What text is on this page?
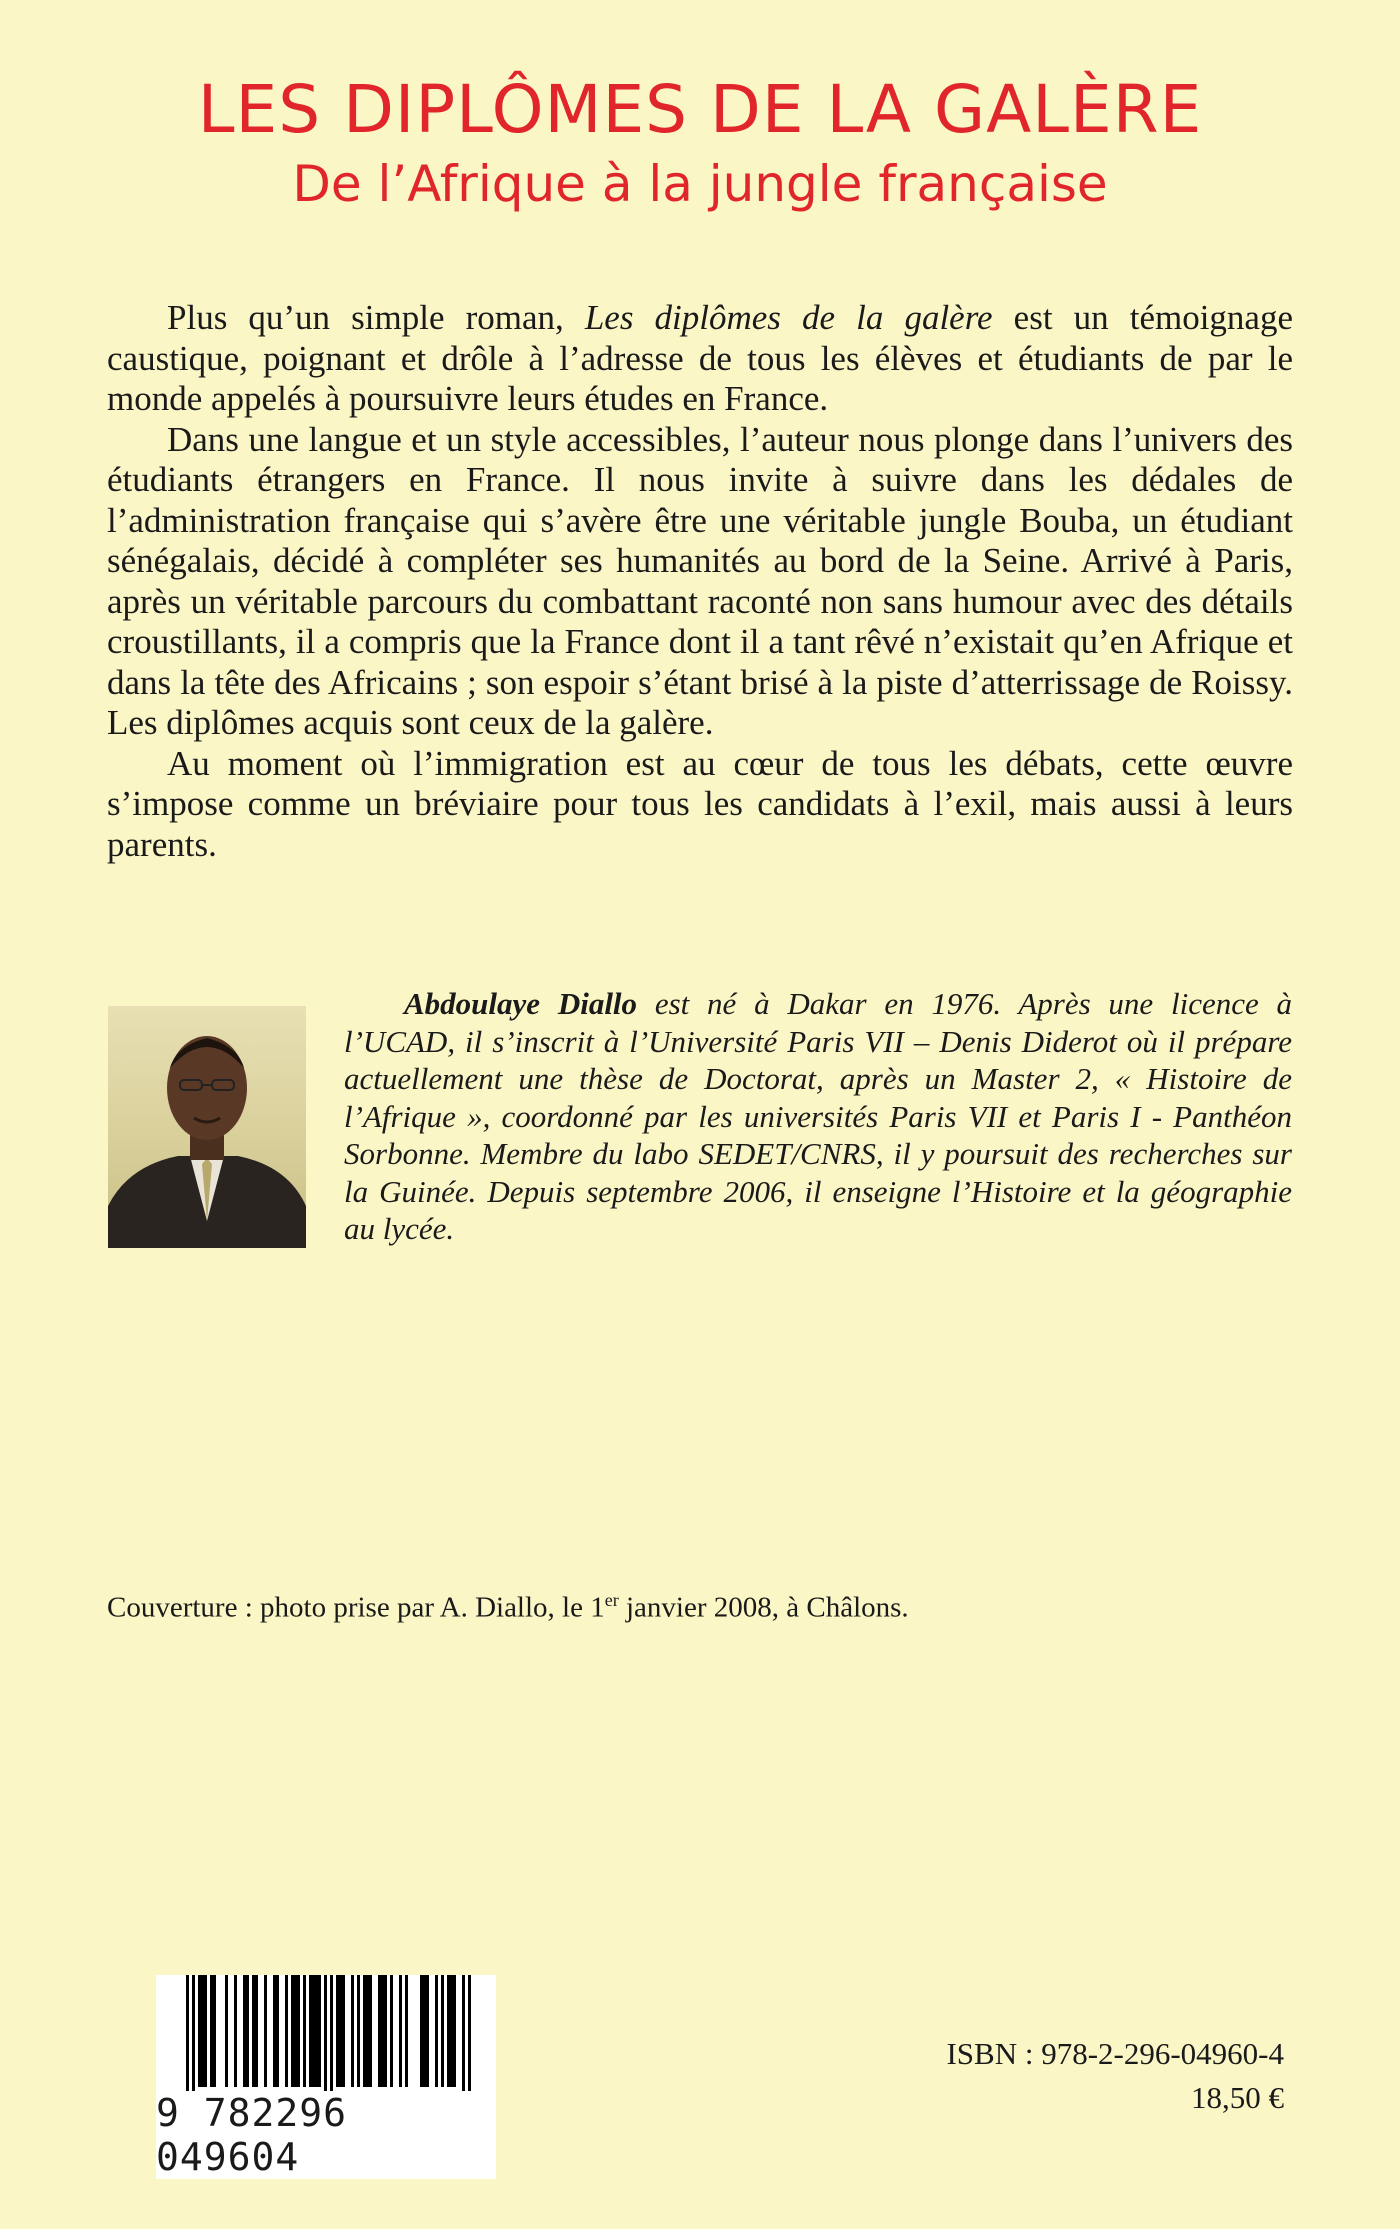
LES DIPLÔMES DE LA GALÈRE
De l’Afrique à la jungle française

Plus qu’un simple roman, Les diplômes de la galère est un témoignage caustique, poignant et drôle à l’adresse de tous les élèves et étudiants de par le monde appelés à poursuivre leurs études en France.

Dans une langue et un style accessibles, l’auteur nous plonge dans l’univers des étudiants étrangers en France. Il nous invite à suivre dans les dédales de l’administration française qui s’avère être une véritable jungle Bouba, un étudiant sénégalais, décidé à compléter ses humanités au bord de la Seine. Arrivé à Paris, après un véritable parcours du combattant raconté non sans humour avec des détails croustillants, il a compris que la France dont il a tant rêvé n’existait qu’en Afrique et dans la tête des Africains ; son espoir s’étant brisé à la piste d’atterrissage de Roissy. Les diplômes acquis sont ceux de la galère.

Au moment où l’immigration est au cœur de tous les débats, cette œuvre s’impose comme un bréviaire pour tous les candidats à l’exil, mais aussi à leurs parents.

Abdoulaye Diallo est né à Dakar en 1976. Après une licence à l’UCAD, il s’inscrit à l’Université Paris VII – Denis Diderot où il prépare actuellement une thèse de Doctorat, après un Master 2, « Histoire de l’Afrique », coordonné par les universités Paris VII et Paris I - Panthéon Sorbonne. Membre du labo SEDET/CNRS, il y poursuit des recherches sur la Guinée. Depuis septembre 2006, il enseigne l’Histoire et la géographie au lycée.

Couverture : photo prise par A. Diallo, le 1er janvier 2008, à Châlons.
9 782296 049604
ISBN : 978-2-296-04960-4
18,50 €
